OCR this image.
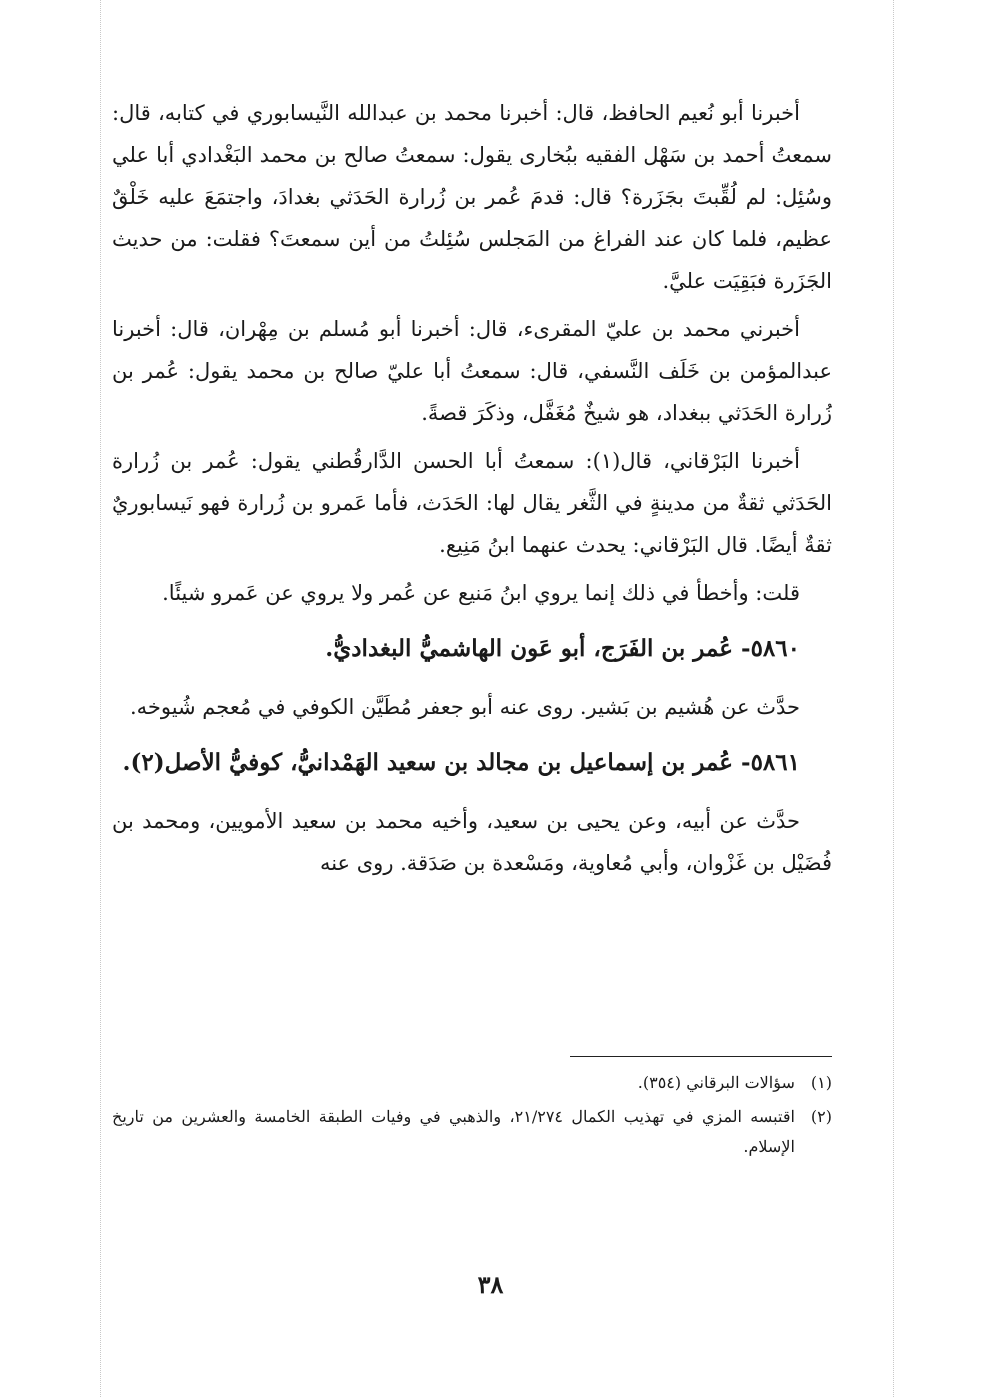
أخبرنا أبو نُعيم الحافظ، قال: أخبرنا محمد بن عبدالله النَّيسابوري في كتابه، قال: سمعتُ أحمد بن سَهْل الفقيه ببُخارى يقول: سمعتُ صالح بن محمد البَغْدادي أبا علي وسُئِل: لم لُقِّبتَ بجَزَرة؟ قال: قدمَ عُمر بن زُرارة الحَدَثي بغدادَ، واجتمَعَ عليه خَلْقٌ عظيم، فلما كان عند الفراغ من المَجلس سُئِلتُ من أين سمعتَ؟ فقلت: من حديث الجَزَرة فبَقِيَت عليَّ.

أخبرني محمد بن عليّ المقرىء، قال: أخبرنا أبو مُسلم بن مِهْران، قال: أخبرنا عبدالمؤمن بن خَلَف النَّسفي، قال: سمعتُ أبا عليّ صالح بن محمد يقول: عُمر بن زُرارة الحَدَثي ببغداد، هو شيخٌ مُغَفَّل، وذكَرَ قصةً.

أخبرنا البَرْقاني، قال(١): سمعتُ أبا الحسن الدَّارقُطني يقول: عُمر بن زُرارة الحَدَثي ثقةٌ من مدينةٍ في الثَّغر يقال لها: الحَدَث، فأما عَمرو بن زُرارة فهو نَيسابوريٌ ثقةٌ أيضًا. قال البَرْقاني: يحدث عنهما ابنُ مَنِيع.

قلت: وأخطأ في ذلك إنما يروي ابنُ مَنيع عن عُمر ولا يروي عن عَمرو شيئًا.

٥٨٦٠- عُمر بن الفَرَج، أبو عَون الهاشميُّ البغداديُّ.

حدَّث عن هُشيم بن بَشير. روى عنه أبو جعفر مُطَيَّن الكوفي في مُعجم شُيوخه.

٥٨٦١- عُمر بن إسماعيل بن مجالد بن سعيد الهَمْدانيُّ، كوفيُّ الأصل(٢).

حدَّث عن أبيه، وعن يحيى بن سعيد، وأخيه محمد بن سعيد الأمويين، ومحمد بن فُضَيْل بن غَزْوان، وأبي مُعاوية، ومَسْعدة بن صَدَقة. روى عنه

(١)
سؤالات البرقاني (٣٥٤).
(٢)
اقتبسه المزي في تهذيب الكمال ٢١/٢٧٤، والذهبي في وفيات الطبقة الخامسة والعشرين من تاريخ الإسلام.
٣٨
